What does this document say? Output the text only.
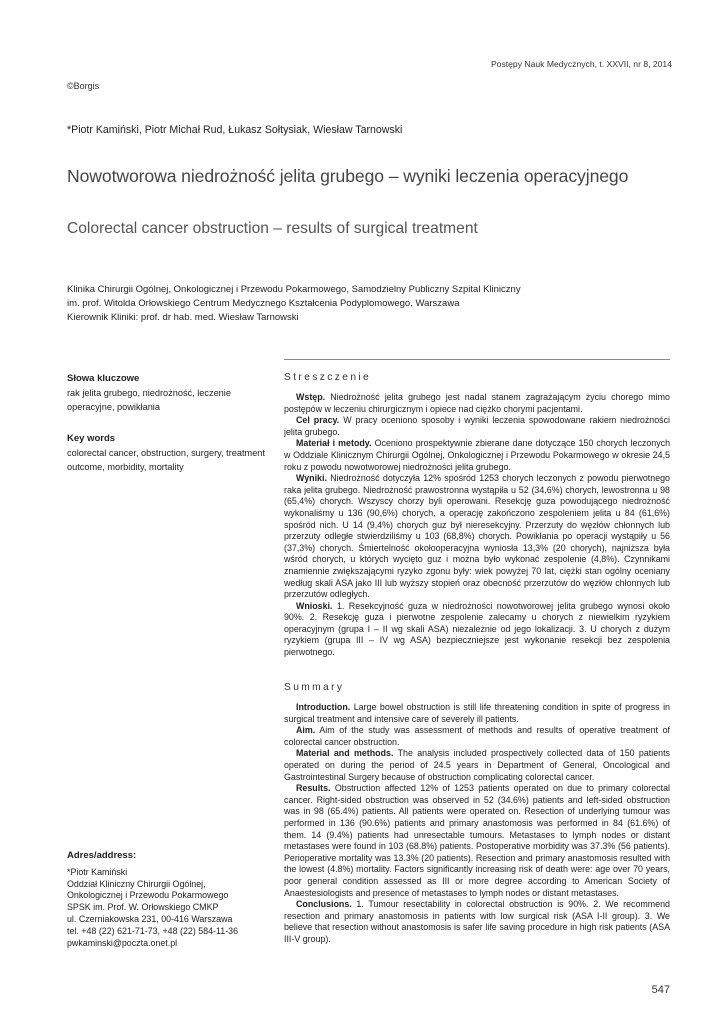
Postępy Nauk Medycznych, t. XXVII, nr 8, 2014
©Borgis
*Piotr Kamiński, Piotr Michał Rud, Łukasz Sołtysiak, Wiesław Tarnowski
Nowotworowa niedrożność jelita grubego – wyniki leczenia operacyjnego
Colorectal cancer obstruction – results of surgical treatment
Klinika Chirurgii Ogólnej, Onkologicznej i Przewodu Pokarmowego, Samodzielny Publiczny Szpital Kliniczny
im. prof. Witolda Orłowskiego Centrum Medycznego Kształcenia Podyplomowego, Warszawa
Kierownik Kliniki: prof. dr hab. med. Wiesław Tarnowski
Słowa kluczowe
rak jelita grubego, niedrożność, leczenie operacyjne, powikłania
Key words
colorectal cancer, obstruction, surgery, treatment outcome, morbidity, mortality
Streszczenie

Wstęp. Niedrożność jelita grubego jest nadal stanem zagrażającym życiu chorego mimo postępów w leczeniu chirurgicznym i opiece nad ciężko chorymi pacjentami.

Cel pracy. W pracy oceniono sposoby i wyniki leczenia spowodowane rakiem niedrożności jelita grubego.

Materiał i metody. Oceniono prospektywnie zbierane dane dotyczące 150 chorych leczonych w Oddziale Klinicznym Chirurgii Ogólnej, Onkologicznej i Przewodu Pokarmowego w okresie 24,5 roku z powodu nowotworowej niedrożności jelita grubego.

Wyniki. Niedrożność dotyczyła 12% spośród 1253 chorych leczonych z powodu pierwotnego raka jelita grubego. Niedrożność prawostronna wystąpiła u 52 (34,6%) chorych, lewostronna u 98 (65,4%) chorych. Wszyscy chorzy byli operowani. Resekcję guza powodującego niedrożność wykonaliśmy u 136 (90,6%) chorych, a operację zakończono zespoleniem jelita u 84 (61,6%) spośród nich. U 14 (9,4%) chorych guz był nieresekcyjny. Przerzuty do węzłów chłonnych lub przerzuty odległe stwierdziliśmy u 103 (68,8%) chorych. Powikłania po operacji wystąpiły u 56 (37,3%) chorych. Śmiertelność okołooperacyjna wyniosła 13,3% (20 chorych), najniższa była wśród chorych, u których wycięto guz i można było wykonać zespolenie (4,8%). Czynnikami znamiennie zwiększającymi ryzyko zgonu były: wiek powyżej 70 lat, ciężki stan ogólny oceniany według skali ASA jako III lub wyższy stopień oraz obecność przerzutów do węzłów chłonnych lub przerzutów odległych.

Wnioski. 1. Resekcyjność guza w niedrożności nowotworowej jelita grubego wynosi około 90%. 2. Resekcję guza i pierwotne zespolenie zalecamy u chorych z niewielkim ryzykiem operacyjnym (grupa I – II wg skali ASA) niezależnie od jego lokalizacji. 3. U chorych z dużym ryzykiem (grupa III – IV wg ASA) bezpieczniejsze jest wykonanie resekcji bez zespolenia pierwotnego.

Summary

Introduction. Large bowel obstruction is still life threatening condition in spite of progress in surgical treatment and intensive care of severely ill patients.

Aim. Aim of the study was assessment of methods and results of operative treatment of colorectal cancer obstruction.

Material and methods. The analysis included prospectively collected data of 150 patients operated on during the period of 24.5 years in Department of General, Oncological and Gastrointestinal Surgery because of obstruction complicating colorectal cancer.

Results. Obstruction affected 12% of 1253 patients operated on due to primary colorectal cancer. Right-sided obstruction was observed in 52 (34.6%) patients and left-sided obstruction was in 98 (65.4%) patients. All patients were operated on. Resection of underlying tumour was performed in 136 (90.6%) patients and primary anastomosis was performed in 84 (61.6%) of them. 14 (9.4%) patients had unresectable tumours. Metastases to lymph nodes or distant metastases were found in 103 (68.8%) patients. Postoperative morbidity was 37.3% (56 patients). Perioperative mortality was 13.3% (20 patients). Resection and primary anastomosis resulted with the lowest (4.8%) mortality. Factors significantly increasing risk of death were: age over 70 years, poor general condition assessed as III or more degree according to American Society of Anaestesiologists and presence of metastases to lymph nodes or distant metastases.

Conclusions. 1. Tumour resectability in colorectal obstruction is 90%. 2. We recommend resection and primary anastomosis in patients with low surgical risk (ASA I-II group). 3. We believe that resection without anastomosis is safer life saving procedure in high risk patients (ASA III-V group).

Adres/address:
*Piotr Kamiński
Oddział Kliniczny Chirurgii Ogólnej,
Onkologicznej i Przewodu Pokarmowego
SPSK im. Prof. W. Orłowskiego CMKP
ul. Czerniakowska 231, 00-416 Warszawa
tel. +48 (22) 621-71-73, +48 (22) 584-11-36
pwkaminski@poczta.onet.pl
547
